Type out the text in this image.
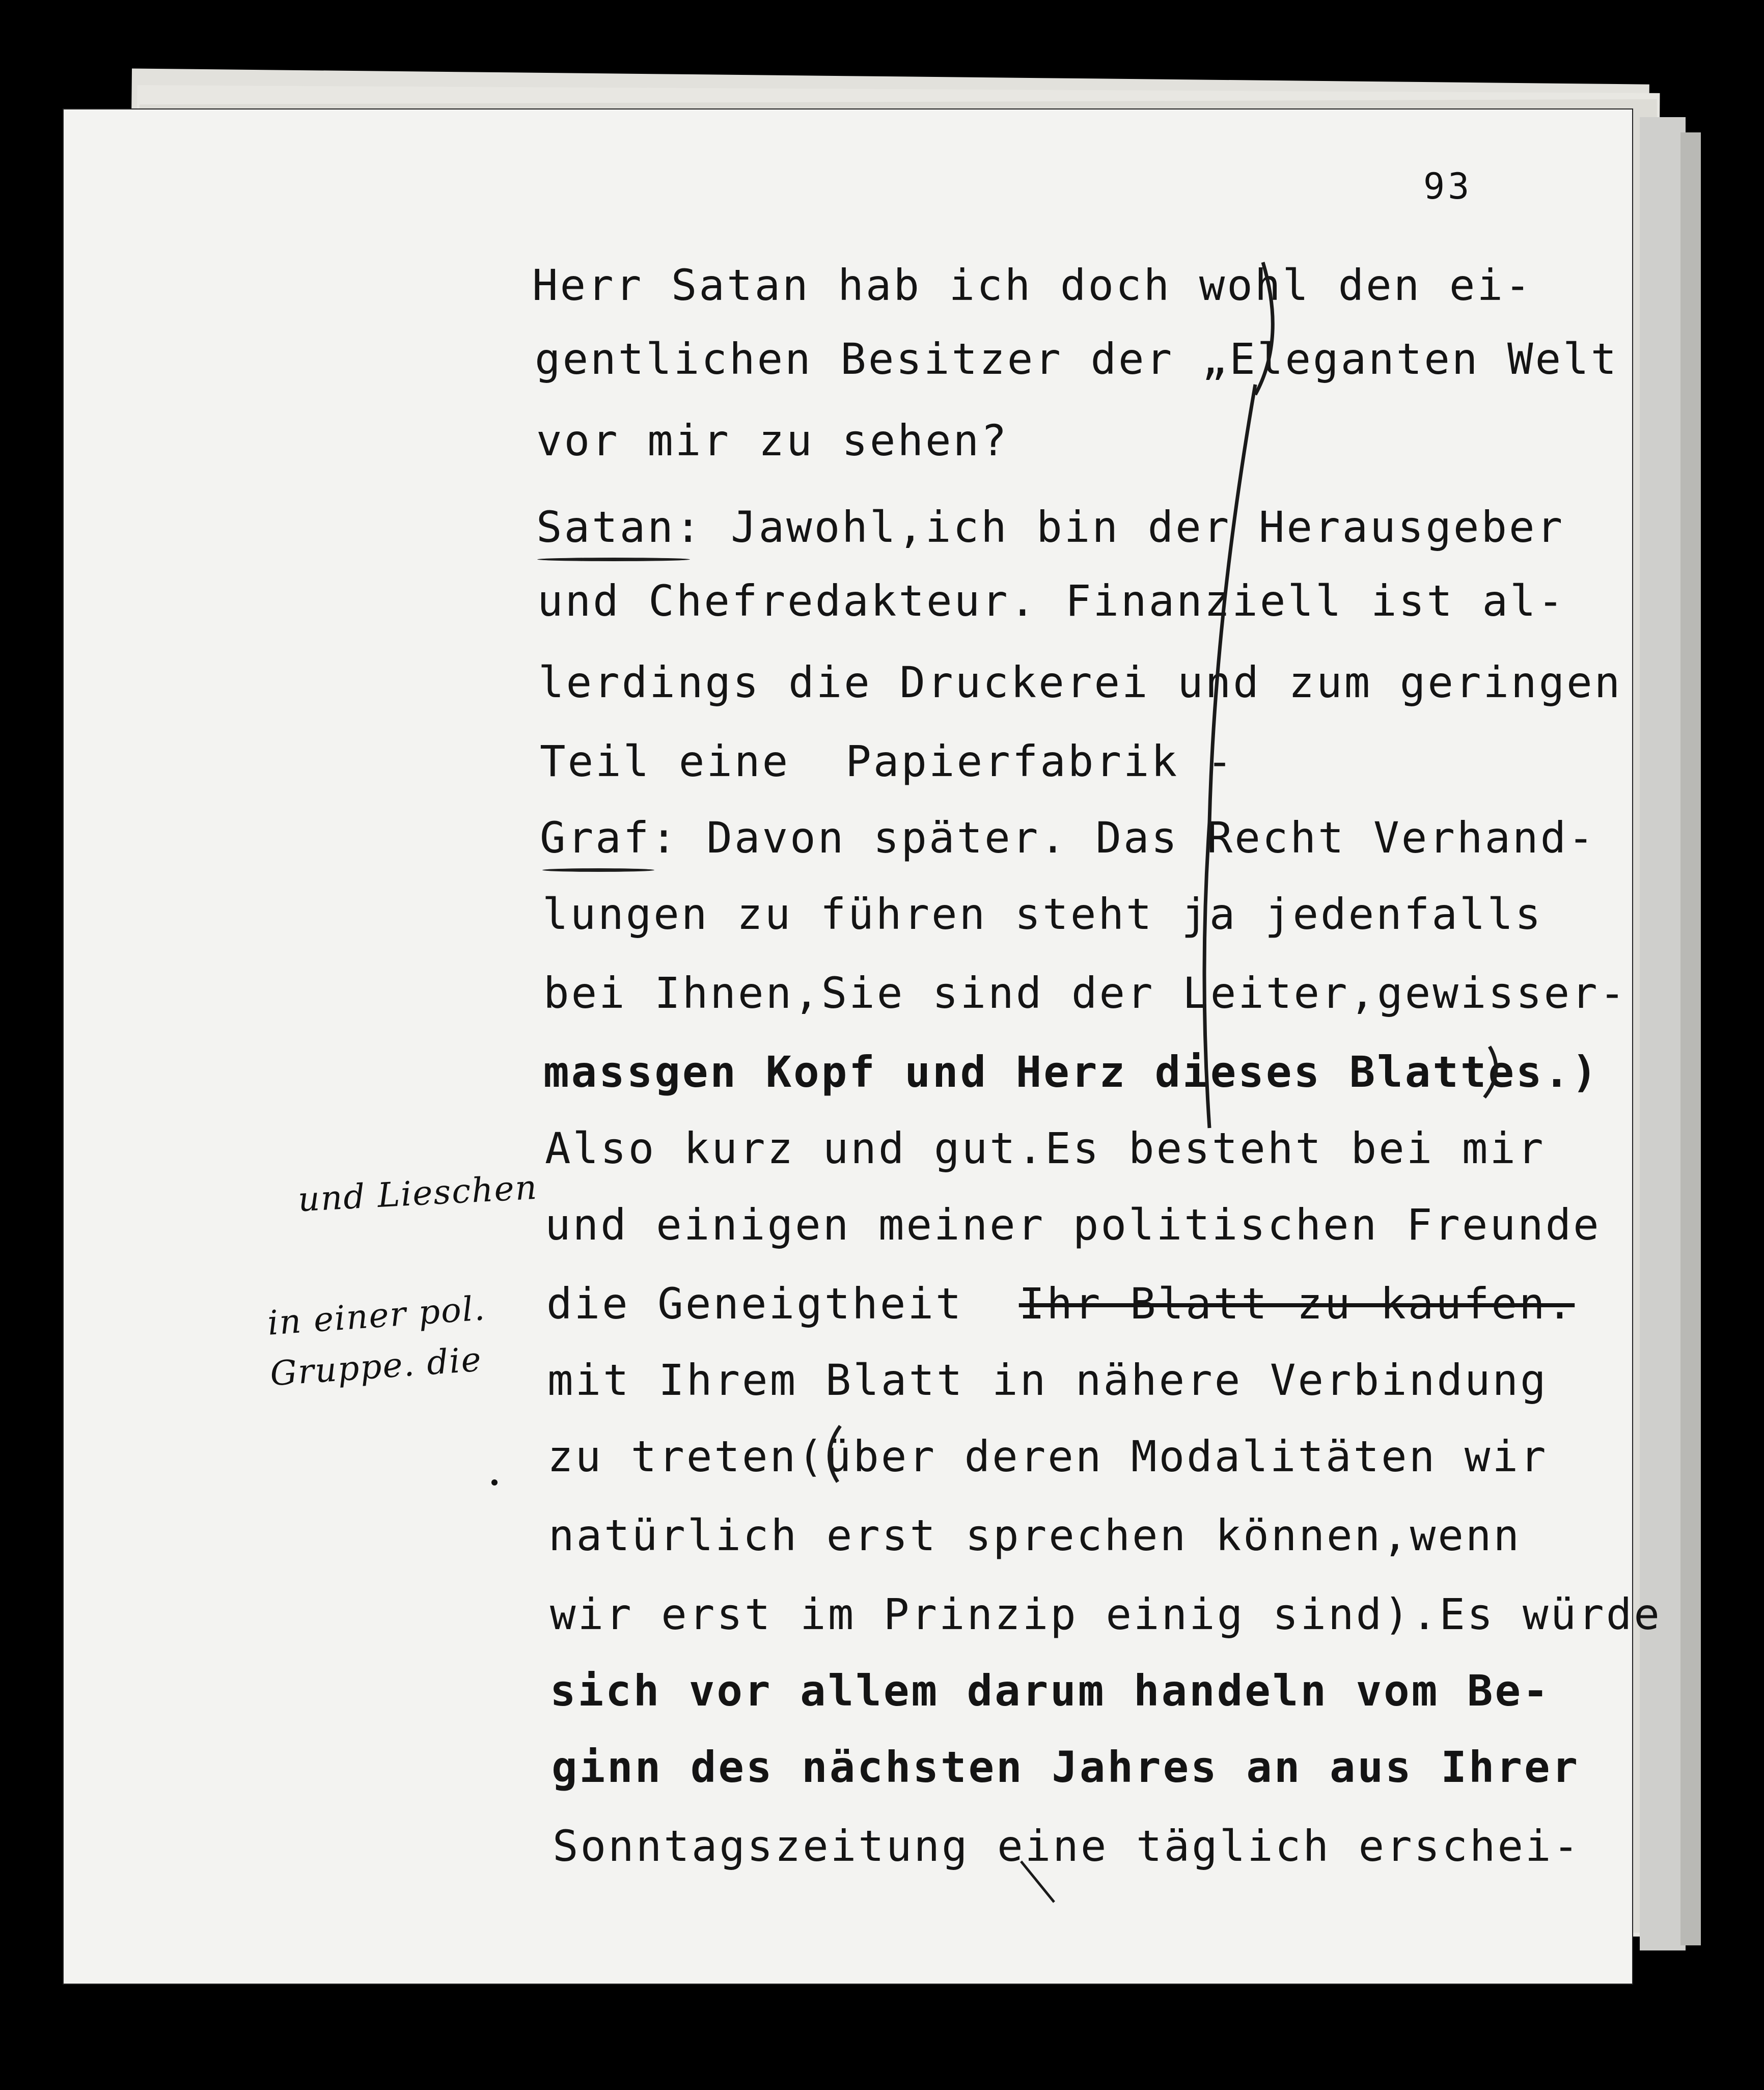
93
Herr Satan hab ich doch wohl den ei-
gentlichen Besitzer der „Eleganten Welt
vor mir zu sehen?
Satan: Jawohl,ich bin der Herausgeber
und Chefredakteur. Finanziell ist al-
lerdings die Druckerei und zum geringen
Teil eine  Papierfabrik -
Graf: Davon später. Das Recht Verhand-
lungen zu führen steht ja jedenfalls
bei Ihnen,Sie sind der Leiter,gewisser-
massgen Kopf und Herz dieses Blattes.)
Also kurz und gut.Es besteht bei mir
und einigen meiner politischen Freunde
die Geneigtheit Ihr Blatt zu kaufen.
mit Ihrem Blatt in nähere Verbindung
zu treten(über deren Modalitäten wir
natürlich erst sprechen können,wenn
wir erst im Prinzip einig sind).Es würde
sich vor allem darum handeln vom Be-
ginn des nächsten Jahres an aus Ihrer
Sonntagszeitung eine täglich erschei-
und Lieschen
in einer pol.
Gruppe. die
